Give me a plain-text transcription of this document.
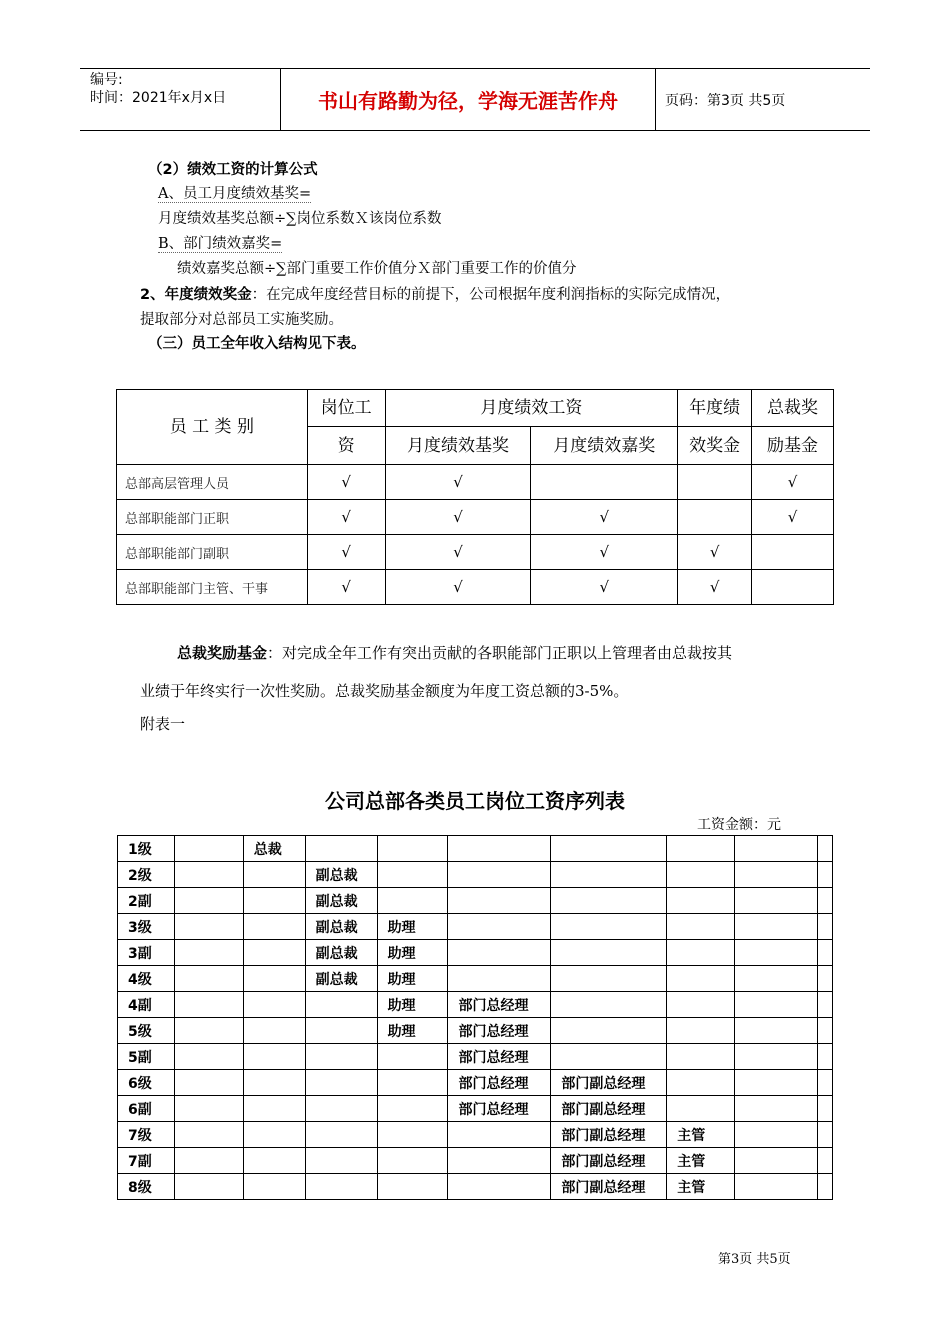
编号:
时间：2021年x月x日	书山有路勤为径，学海无涯苦作舟	页码：第3页 共5页
（2）绩效工资的计算公式
A、员工月度绩效基奖=
月度绩效基奖总额÷∑岗位系数Ｘ该岗位系数
B、部门绩效嘉奖=
绩效嘉奖总额÷∑部门重要工作价值分Ｘ部门重要工作的价值分
2、年度绩效奖金：在完成年度经营目标的前提下，公司根据年度利润指标的实际完成情况，
提取部分对总部员工实施奖励。
（三）员工全年收入结构见下表。
员 工 类 别	岗位工	月度绩效工资		年度绩	总裁奖
	资	月度绩效基奖	月度绩效嘉奖	效奖金	励基金
总部高层管理人员	√	√			√
总部职能部门正职	√	√	√		√
总部职能部门副职	√	√	√	√	
总部职能部门主管、干事	√	√	√	√	
总裁奖励基金：对完成全年工作有突出贡献的各职能部门正职以上管理者由总裁按其
业绩于年终实行一次性奖励。总裁奖励基金额度为年度工资总额的3-5%。
附表一
公司总部各类员工岗位工资序列表
工资金额：元
1级		总裁							
2级			副总裁						
2副			副总裁						
3级			副总裁	助理					
3副			副总裁	助理					
4级			副总裁	助理					
4副				助理	部门总经理				
5级				助理	部门总经理				
5副					部门总经理				
6级					部门总经理	部门副总经理			
6副					部门总经理	部门副总经理			
7级						部门副总经理	主管		
7副						部门副总经理	主管		
8级						部门副总经理	主管		
第3页 共5页
